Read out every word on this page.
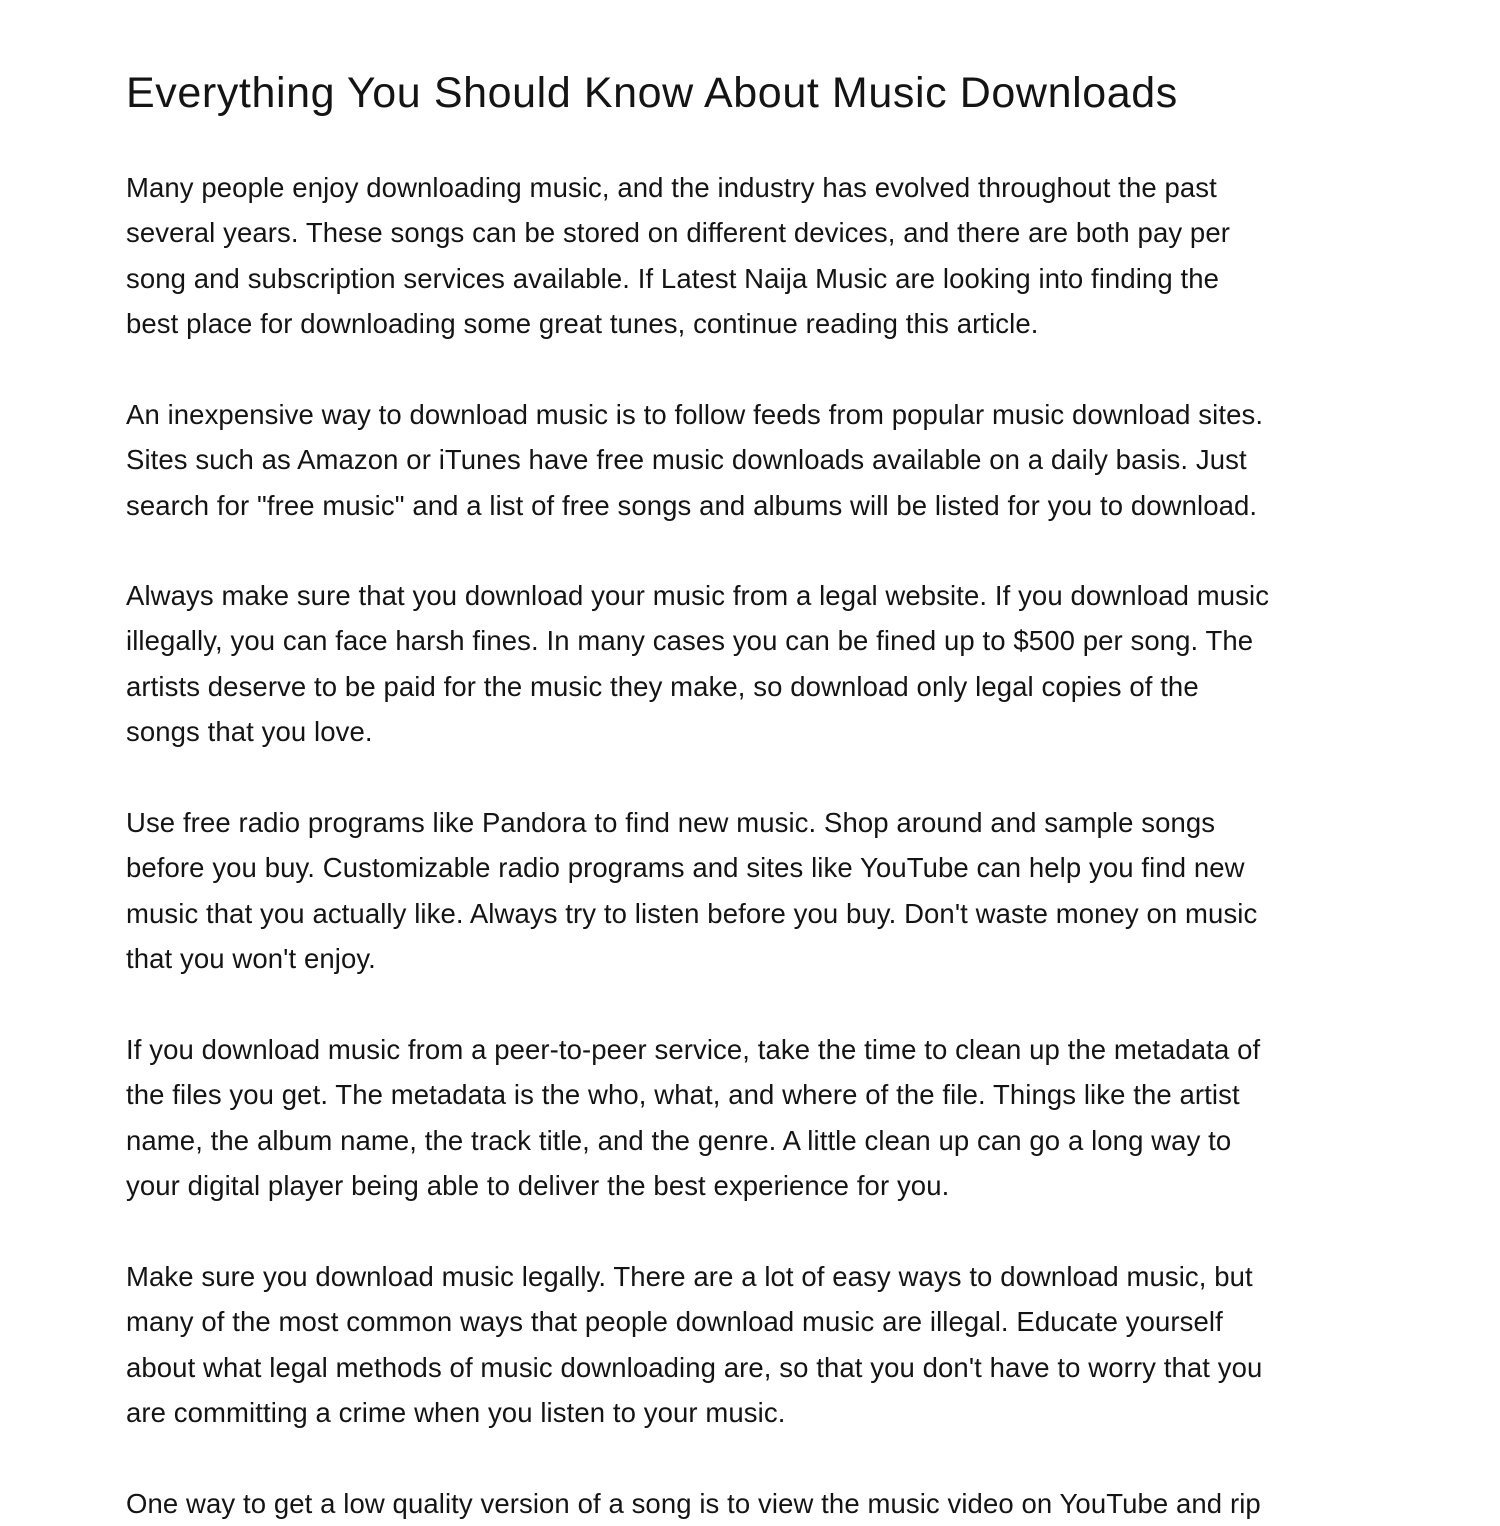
Everything You Should Know About Music Downloads

Many people enjoy downloading music, and the industry has evolved throughout the past
several years. These songs can be stored on different devices, and there are both pay per
song and subscription services available. If Latest Naija Music are looking into finding the
best place for downloading some great tunes, continue reading this article.

An inexpensive way to download music is to follow feeds from popular music download sites.
Sites such as Amazon or iTunes have free music downloads available on a daily basis. Just
search for "free music" and a list of free songs and albums will be listed for you to download.

Always make sure that you download your music from a legal website. If you download music
illegally, you can face harsh fines. In many cases you can be fined up to $500 per song. The
artists deserve to be paid for the music they make, so download only legal copies of the
songs that you love.

Use free radio programs like Pandora to find new music. Shop around and sample songs
before you buy. Customizable radio programs and sites like YouTube can help you find new
music that you actually like. Always try to listen before you buy. Don't waste money on music
that you won't enjoy.

If you download music from a peer-to-peer service, take the time to clean up the metadata of
the files you get. The metadata is the who, what, and where of the file. Things like the artist
name, the album name, the track title, and the genre. A little clean up can go a long way to
your digital player being able to deliver the best experience for you.

Make sure you download music legally. There are a lot of easy ways to download music, but
many of the most common ways that people download music are illegal. Educate yourself
about what legal methods of music downloading are, so that you don't have to worry that you
are committing a crime when you listen to your music.

One way to get a low quality version of a song is to view the music video on YouTube and rip
